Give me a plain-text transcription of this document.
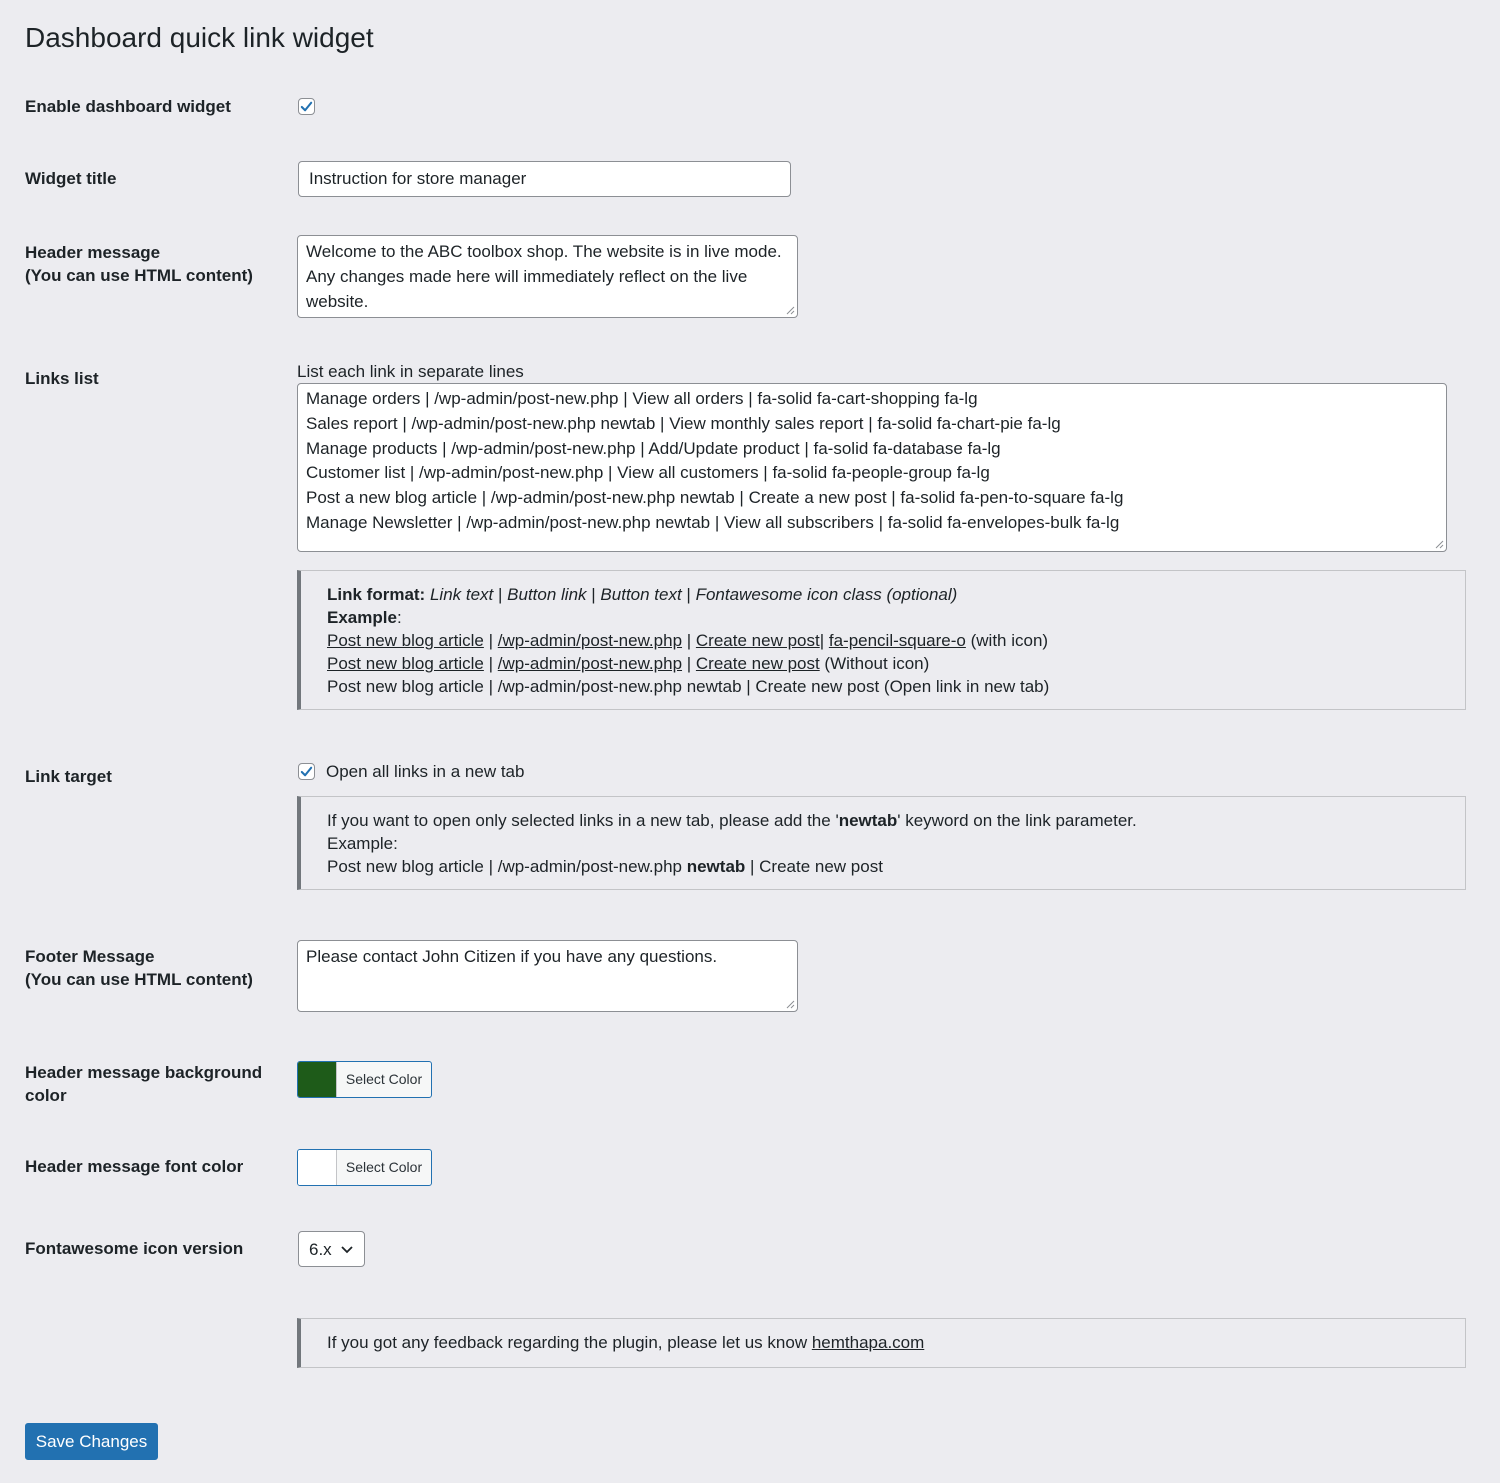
Dashboard quick link widget
Enable dashboard widget
Widget title	Instruction for store manager
Header message
(You can use HTML content)
Welcome to the ABC toolbox shop. The website is in live mode. Any changes made here will immediately reflect on the live website.
Links list	List each link in separate lines
Manage orders | /wp-admin/post-new.php | View all orders | fa-solid fa-cart-shopping fa-lg
Sales report | /wp-admin/post-new.php newtab | View monthly sales report | fa-solid fa-chart-pie fa-lg
Manage products | /wp-admin/post-new.php | Add/Update product | fa-solid fa-database fa-lg
Customer list | /wp-admin/post-new.php | View all customers | fa-solid fa-people-group fa-lg
Post a new blog article | /wp-admin/post-new.php newtab | Create a new post | fa-solid fa-pen-to-square fa-lg
Manage Newsletter | /wp-admin/post-new.php newtab | View all subscribers | fa-solid fa-envelopes-bulk fa-lg
Link format: Link text | Button link | Button text | Fontawesome icon class (optional)
Example:
Post new blog article | /wp-admin/post-new.php | Create new post| fa-pencil-square-o (with icon)
Post new blog article | /wp-admin/post-new.php | Create new post (Without icon)
Post new blog article | /wp-admin/post-new.php newtab | Create new post (Open link in new tab)
Link target	Open all links in a new tab
If you want to open only selected links in a new tab, please add the 'newtab' keyword on the link parameter.
Example:
Post new blog article | /wp-admin/post-new.php newtab | Create new post
Footer Message
(You can use HTML content)
Please contact John Citizen if you have any questions.
Header message background
color
Select Color
Header message font color	Select Color
Fontawesome icon version	6.x
If you got any feedback regarding the plugin, please let us know hemthapa.com
Save Changes
